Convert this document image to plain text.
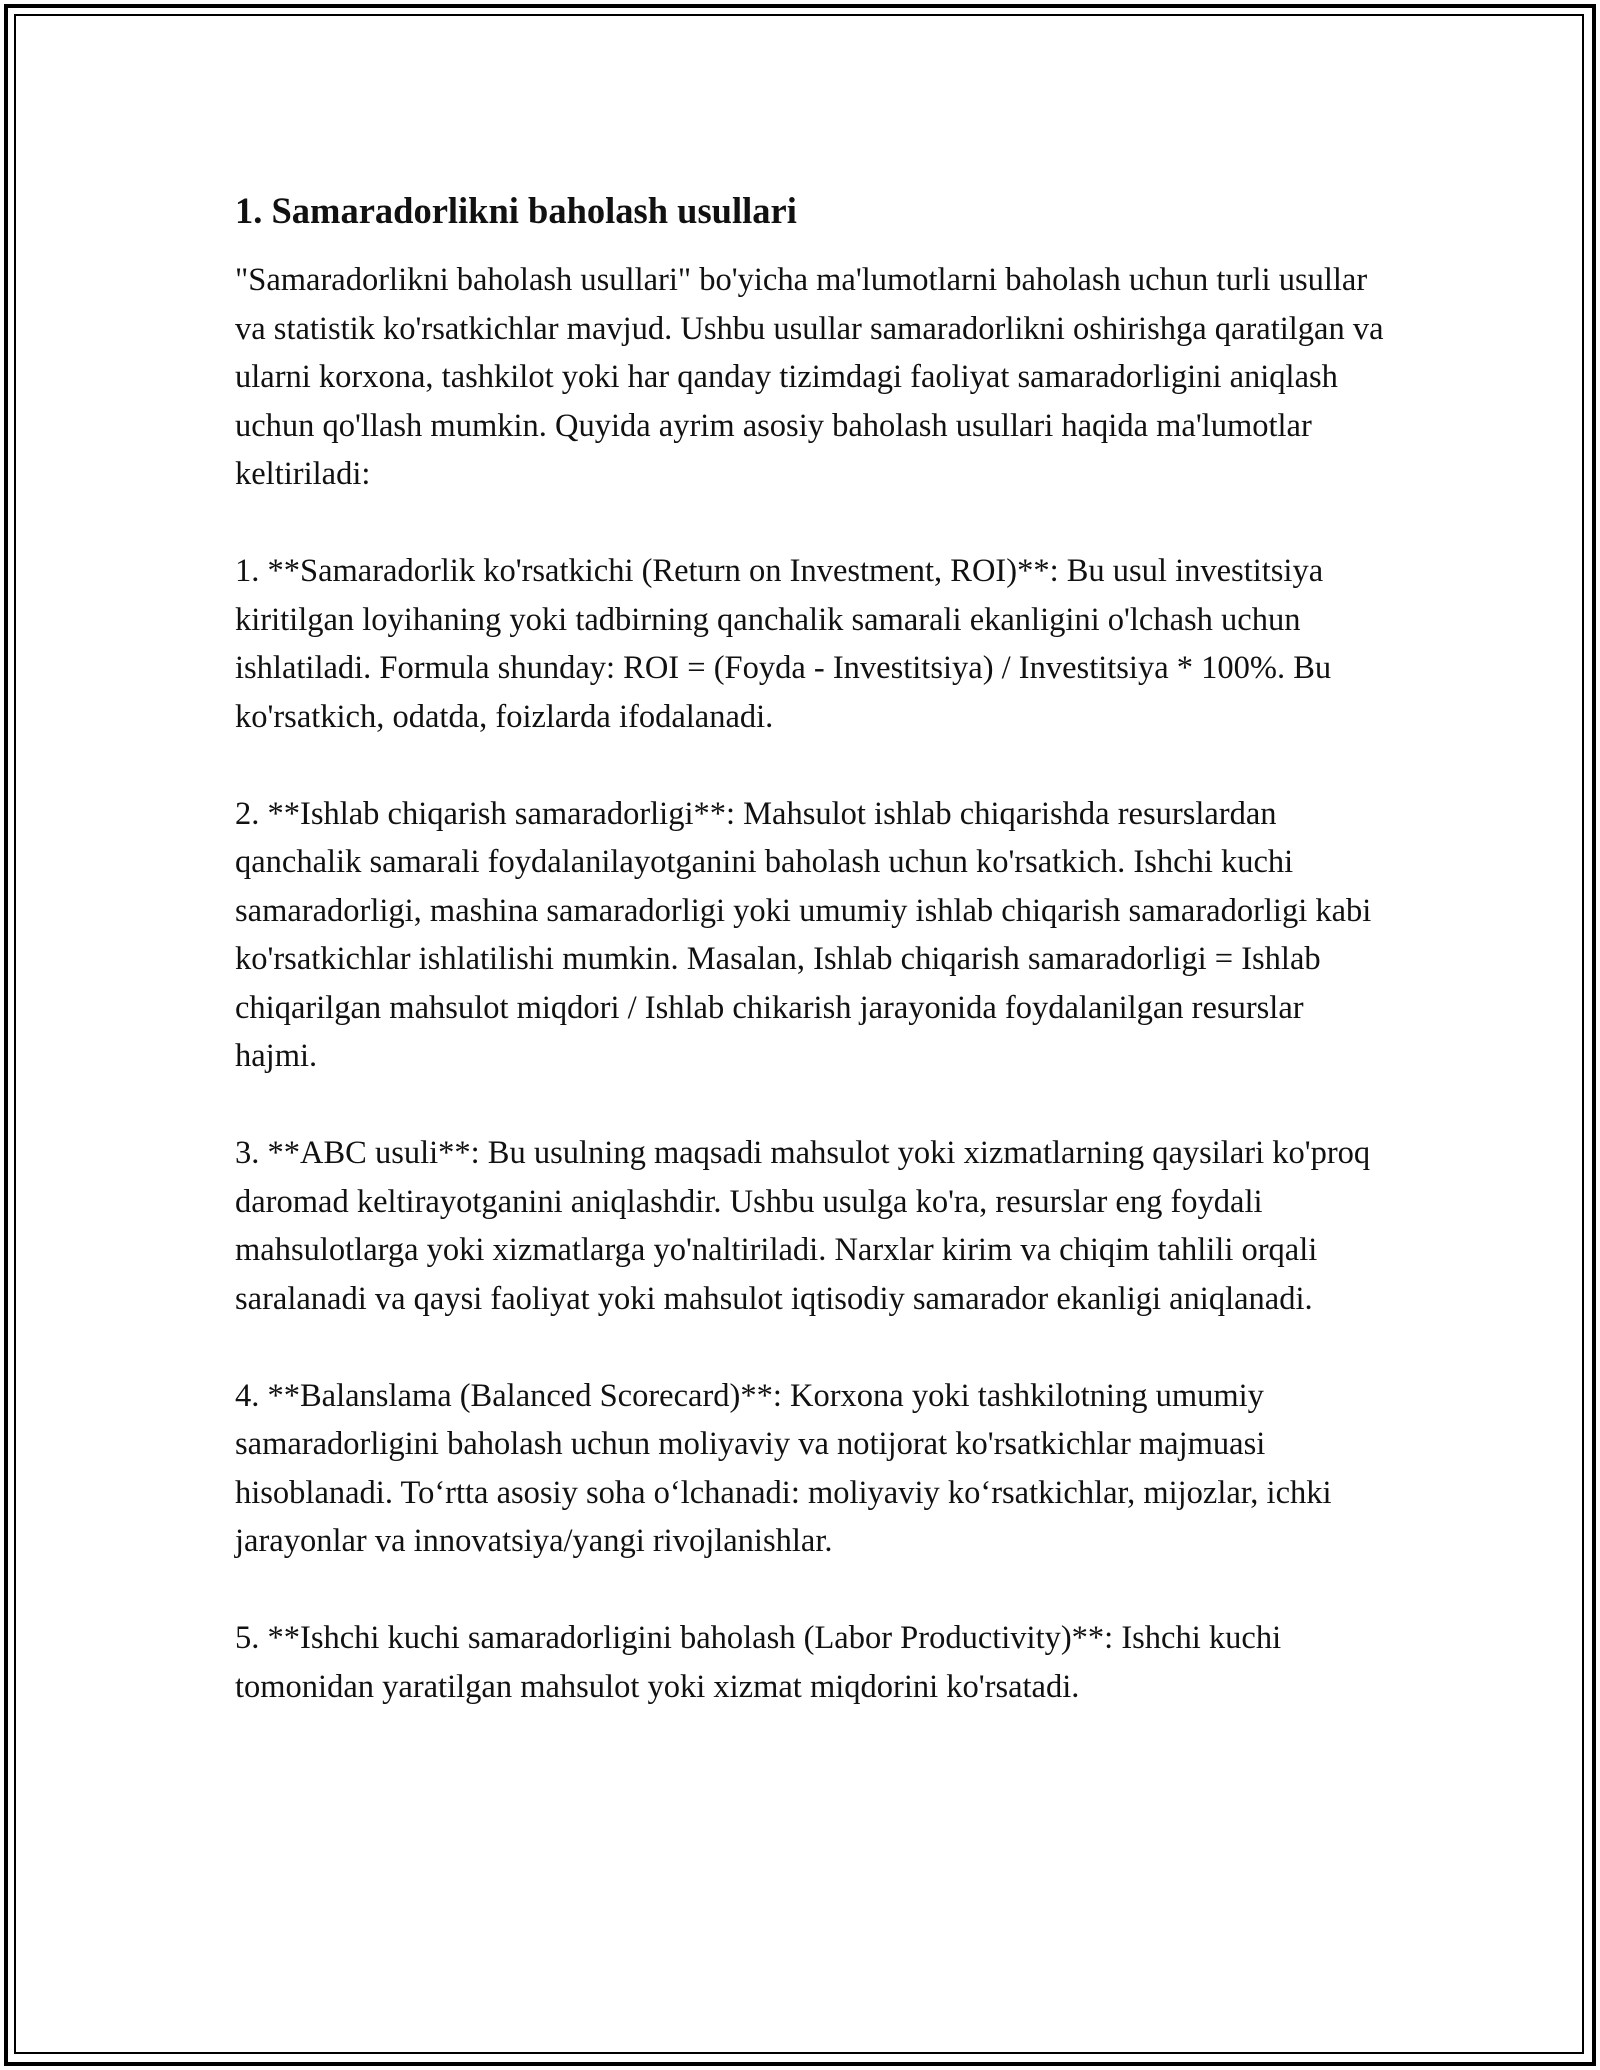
1. Samaradorlikni baholash usullari

"Samaradorlikni baholash usullari" bo'yicha ma'lumotlarni baholash uchun turli usullar va statistik ko'rsatkichlar mavjud. Ushbu usullar samaradorlikni oshirishga qaratilgan va ularni korxona, tashkilot yoki har qanday tizimdagi faoliyat samaradorligini aniqlash uchun qo'llash mumkin. Quyida ayrim asosiy baholash usullari haqida ma'lumotlar keltiriladi:

1. **Samaradorlik ko'rsatkichi (Return on Investment, ROI)**: Bu usul investitsiya kiritilgan loyihaning yoki tadbirning qanchalik samarali ekanligini o'lchash uchun ishlatiladi. Formula shunday: ROI = (Foyda - Investitsiya) / Investitsiya * 100%. Bu ko'rsatkich, odatda, foizlarda ifodalanadi.

2. **Ishlab chiqarish samaradorligi**: Mahsulot ishlab chiqarishda resurslardan qanchalik samarali foydalanilayotganini baholash uchun ko'rsatkich. Ishchi kuchi samaradorligi, mashina samaradorligi yoki umumiy ishlab chiqarish samaradorligi kabi ko'rsatkichlar ishlatilishi mumkin. Masalan, Ishlab chiqarish samaradorligi = Ishlab chiqarilgan mahsulot miqdori / Ishlab chikarish jarayonida foydalanilgan resurslar hajmi.

3. **ABC usuli**: Bu usulning maqsadi mahsulot yoki xizmatlarning qaysilari ko'proq daromad keltirayotganini aniqlashdir. Ushbu usulga ko'ra, resurslar eng foydali mahsulotlarga yoki xizmatlarga yo'naltiriladi. Narxlar kirim va chiqim tahlili orqali saralanadi va qaysi faoliyat yoki mahsulot iqtisodiy samarador ekanligi aniqlanadi.

4. **Balanslama (Balanced Scorecard)**: Korxona yoki tashkilotning umumiy samaradorligini baholash uchun moliyaviy va notijorat ko'rsatkichlar majmuasi hisoblanadi. To‘rtta asosiy soha o‘lchanadi: moliyaviy ko‘rsatkichlar, mijozlar, ichki jarayonlar va innovatsiya/yangi rivojlanishlar.

5. **Ishchi kuchi samaradorligini baholash (Labor Productivity)**: Ishchi kuchi tomonidan yaratilgan mahsulot yoki xizmat miqdorini ko'rsatadi.
